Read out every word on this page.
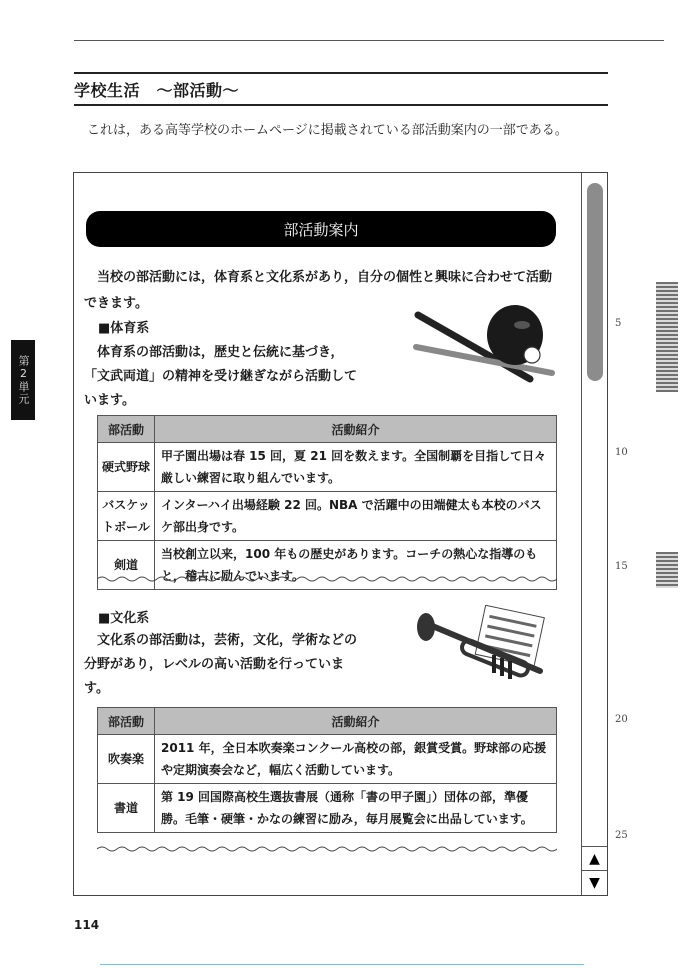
学校生活　～部活動～
これは，ある高等学校のホームページに掲載されている部活動案内の一部である。
第2単元
部活動案内
当校の部活動には，体育系と文化系があり，自分の個性と興味に合わせて活動できます。
■体育系
体育系の部活動は，歴史と伝統に基づき，「文武両道」の精神を受け継ぎながら活動しています。
部活動	活動紹介
硬式野球	甲子園出場は春 15 回，夏 21 回を数えます。全国制覇を目指して日々厳しい練習に取り組んでいます。
バスケットボール	インターハイ出場経験 22 回。NBA で活躍中の田端健太も本校のバスケ部出身です。
剣道	当校創立以来，100 年もの歴史があります。コーチの熱心な指導のもと，稽古に励んでいます。
■文化系
文化系の部活動は，芸術，文化，学術などの分野があり，レベルの高い活動を行っています。
部活動	活動紹介
吹奏楽	2011 年，全日本吹奏楽コンクール高校の部，銀賞受賞。野球部の応援や定期演奏会など，幅広く活動しています。
書道	第 19 回国際高校生選抜書展（通称「書の甲子園」）団体の部，準優勝。毛筆・硬筆・かなの練習に励み，毎月展覧会に出品しています。
▲
▼
5
10
15
20
25
114
